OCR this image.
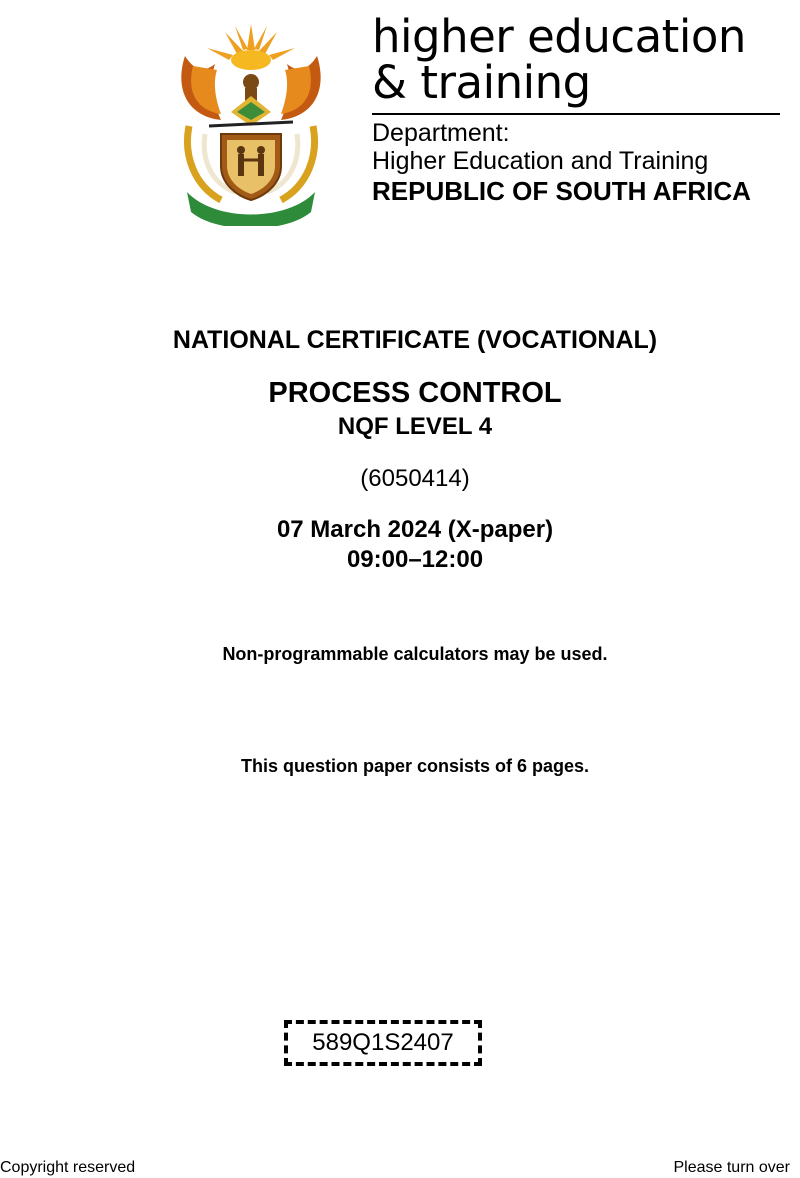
higher education
& training
Department:
Higher Education and Training
REPUBLIC OF SOUTH AFRICA
NATIONAL CERTIFICATE (VOCATIONAL)
PROCESS CONTROL
NQF LEVEL 4
(6050414)
07 March 2024 (X-paper)
09:00–12:00
Non-programmable calculators may be used.
This question paper consists of 6 pages.
589Q1S2407
Copyright reserved	Please turn over
